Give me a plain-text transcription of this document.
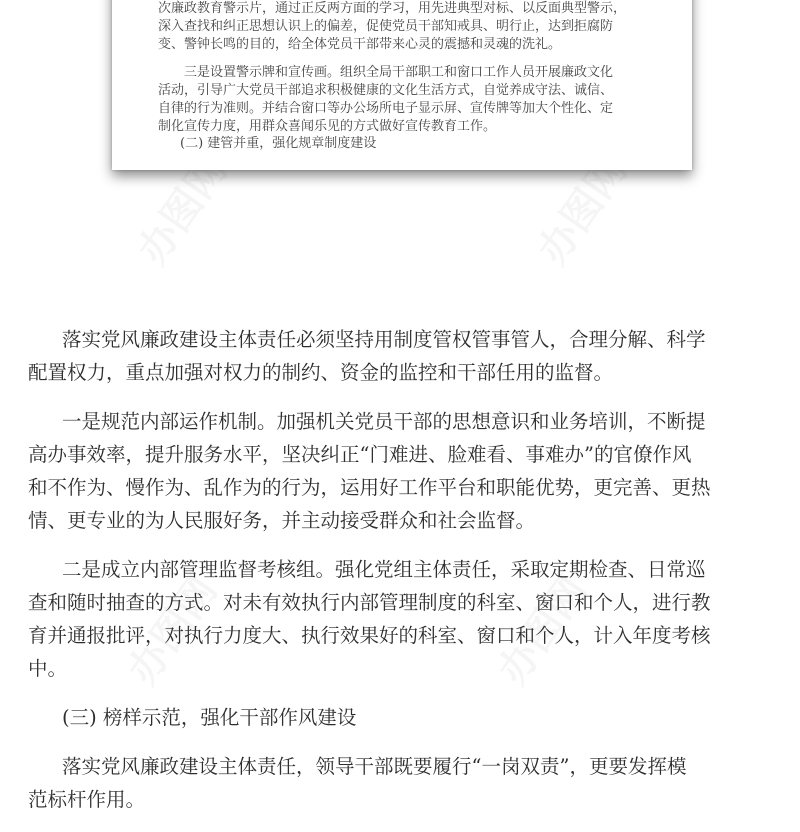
办图网	办图网
办图网	办图网

次廉政教育警示片，通过正反两方面的学习，用先进典型对标、以反面典型警示，
深入查找和纠正思想认识上的偏差，促使党员干部知戒具、明行止，达到拒腐防
变、警钟长鸣的目的，给全体党员干部带来心灵的震撼和灵魂的洗礼。

三是设置警示牌和宣传画。组织全局干部职工和窗口工作人员开展廉政文化
活动，引导广大党员干部追求积极健康的文化生活方式，自觉养成守法、诚信、
自律的行为准则。并结合窗口等办公场所电子显示屏、宣传牌等加大个性化、定
制化宣传力度，用群众喜闻乐见的方式做好宣传教育工作。

(二) 建管并重，强化规章制度建设
落实党风廉政建设主体责任必须坚持用制度管权管事管人，合理分解、科学
配置权力，重点加强对权力的制约、资金的监控和干部任用的监督。
一是规范内部运作机制。加强机关党员干部的思想意识和业务培训，不断提
高办事效率，提升服务水平，坚决纠正“门难进、脸难看、事难办”的官僚作风
和不作为、慢作为、乱作为的行为，运用好工作平台和职能优势，更完善、更热
情、更专业的为人民服好务，并主动接受群众和社会监督。
二是成立内部管理监督考核组。强化党组主体责任，采取定期检查、日常巡
查和随时抽查的方式。对未有效执行内部管理制度的科室、窗口和个人，进行教
育并通报批评，对执行力度大、执行效果好的科室、窗口和个人，计入年度考核
中。
(三) 榜样示范，强化干部作风建设
落实党风廉政建设主体责任，领导干部既要履行“一岗双责”，更要发挥模
范标杆作用。
